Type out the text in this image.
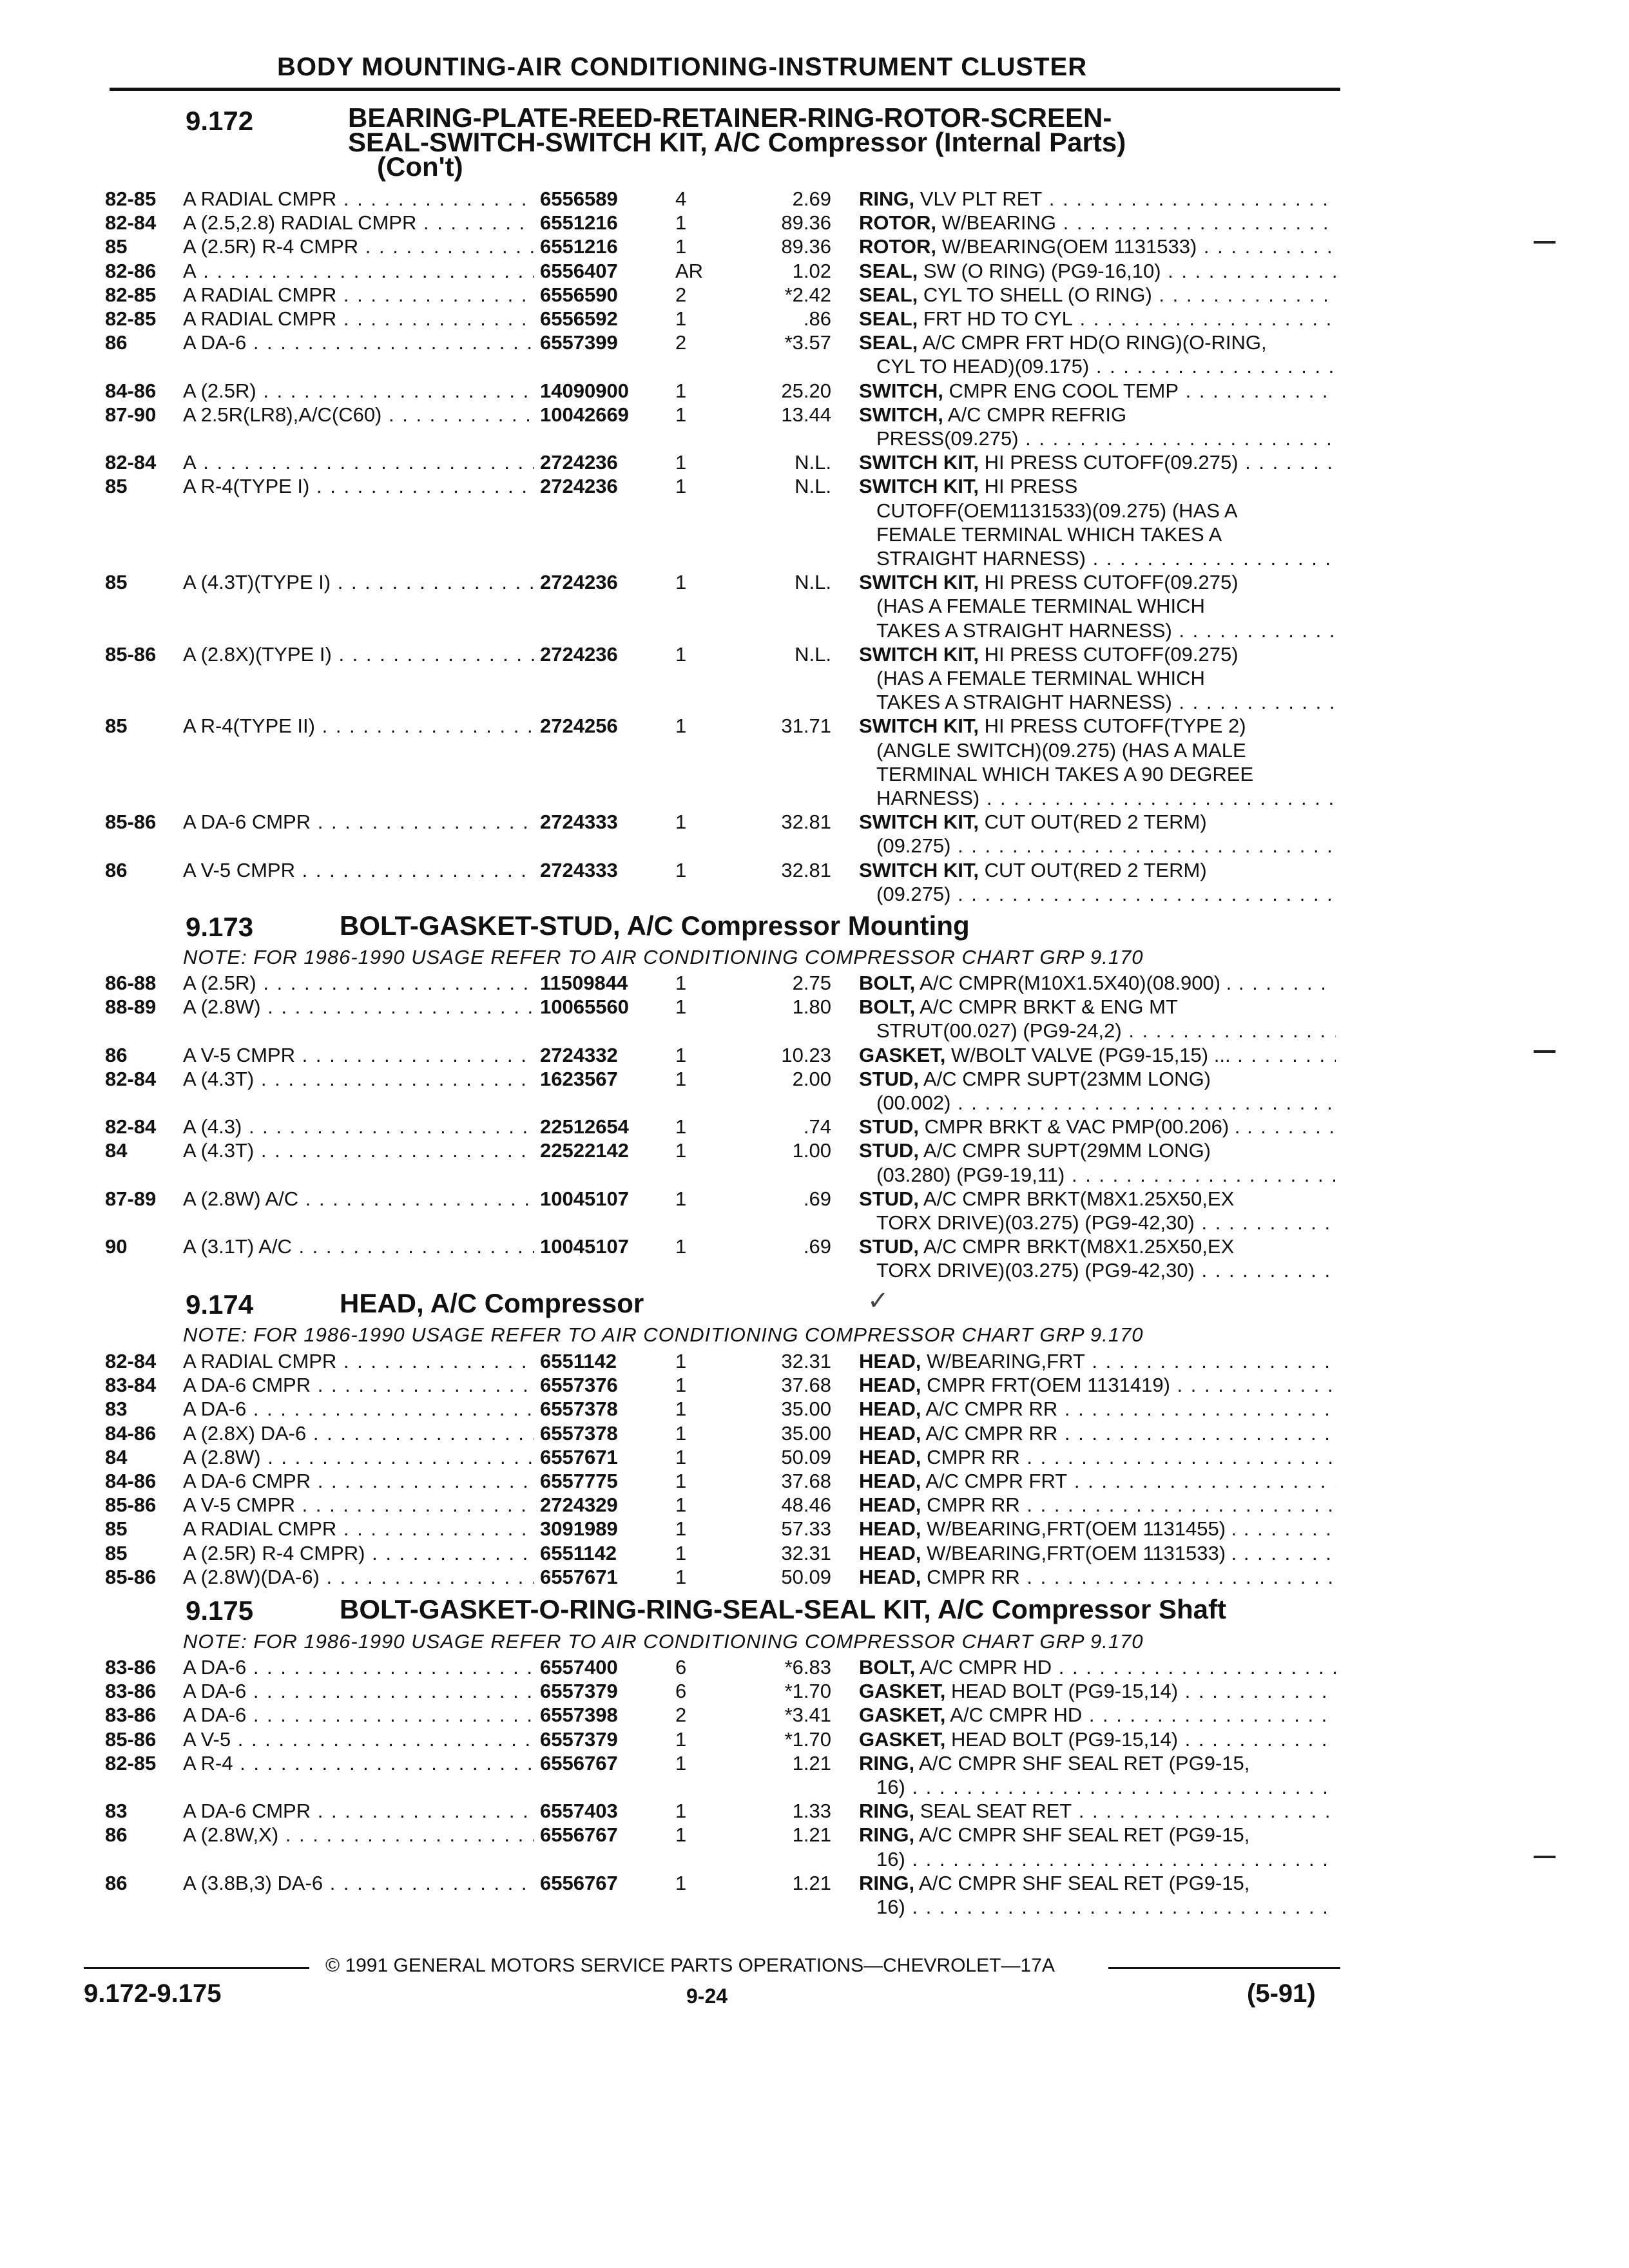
BODY MOUNTING-AIR CONDITIONING-INSTRUMENT CLUSTER
9.172	BEARING-PLATE-REED-RETAINER-RING-ROTOR-SCREEN-
SEAL-SWITCH-SWITCH KIT, A/C Compressor (Internal Parts)
(Con't)
82-85 A RADIAL CMPR . . .	6556589	4	2.69 RING, VLV PLT RET . . .
82-84 A (2.5,2.8) RADIAL CMPR . . .	6551216	1	89.36 ROTOR, W/BEARING . . .
85	A (2.5R) R-4 CMPR . . .	6551216	1	89.36 ROTOR, W/BEARING(OEM 1131533) . . .
82-86 A . . .	6556407	AR	1.02 SEAL, SW (O RING) (PG9-16,10) . . .
82-85 A RADIAL CMPR . . .	6556590	2	*2.42 SEAL, CYL TO SHELL (O RING) . . .
82-85 A RADIAL CMPR . . .	6556592	1	.86 SEAL, FRT HD TO CYL . . .
86	A DA-6 . . .	6557399	2	*3.57 SEAL, A/C CMPR FRT HD(O RING)(O-RING,
CYL TO HEAD)(09.175) . . .
84-86 A (2.5R) . . .	14090900 1	25.20 SWITCH, CMPR ENG COOL TEMP . . .
87-90 A 2.5R(LR8),A/C(C60) . . .	10042669 1	13.44 SWITCH, A/C CMPR REFRIG
PRESS(09.275) . . .
82-84 A . . .	2724236	1	N.L. SWITCH KIT, HI PRESS CUTOFF(09.275) . . .
85	A R-4(TYPE I) . . .	2724236	1	N.L. SWITCH KIT, HI PRESS
CUTOFF(OEM1131533)(09.275) (HAS A
FEMALE TERMINAL WHICH TAKES A
STRAIGHT HARNESS) . . .
85	A (4.3T)(TYPE I) . . .	2724236	1	N.L. SWITCH KIT, HI PRESS CUTOFF(09.275)
(HAS A FEMALE TERMINAL WHICH
TAKES A STRAIGHT HARNESS) . . .
85-86 A (2.8X)(TYPE I) . . .	2724236	1	N.L. SWITCH KIT, HI PRESS CUTOFF(09.275)
(HAS A FEMALE TERMINAL WHICH
TAKES A STRAIGHT HARNESS) . . .
85	A R-4(TYPE II) . . .	2724256	1	31.71 SWITCH KIT, HI PRESS CUTOFF(TYPE 2)
(ANGLE SWITCH)(09.275) (HAS A MALE
TERMINAL WHICH TAKES A 90 DEGREE
HARNESS) . . .
85-86 A DA-6 CMPR . . .	2724333	1	32.81 SWITCH KIT, CUT OUT(RED 2 TERM)
(09.275) . . .
86	A V-5 CMPR . . .	2724333	1	32.81 SWITCH KIT, CUT OUT(RED 2 TERM)
(09.275) . . .
9.173	BOLT-GASKET-STUD, A/C Compressor Mounting
NOTE: FOR 1986-1990 USAGE REFER TO AIR CONDITIONING COMPRESSOR CHART GRP 9.170
86-88 A (2.5R) . . .	11509844 1	2.75 BOLT, A/C CMPR(M10X1.5X40)(08.900) . . . .
88-89 A (2.8W) . . .	10065560 1	1.80 BOLT, A/C CMPR BRKT & ENG MT
STRUT(00.027) (PG9-24,2) . . .
86	A V-5 CMPR . . .	2724332	1	10.23 GASKET, W/BOLT VALVE (PG9-15,15) ... . . .
82-84 A (4.3T) . . .	1623567	1	2.00 STUD, A/C CMPR SUPT(23MM LONG)
(00.002) . . .
82-84 A (4.3) . . .	22512654 1	.74 STUD, CMPR BRKT & VAC PMP(00.206) . . . .
84	A (4.3T) . . .	22522142 1	1.00 STUD, A/C CMPR SUPT(29MM LONG)
(03.280) (PG9-19,11) . . .
87-89 A (2.8W) A/C . . .	10045107 1	.69 STUD, A/C CMPR BRKT(M8X1.25X50,EX
TORX DRIVE)(03.275) (PG9-42,30) . . .
90	A (3.1T) A/C . . .	10045107 1	.69 STUD, A/C CMPR BRKT(M8X1.25X50,EX
TORX DRIVE)(03.275) (PG9-42,30) . . .
9.174	HEAD, A/C Compressor
NOTE: FOR 1986-1990 USAGE REFER TO AIR CONDITIONING COMPRESSOR CHART GRP 9.170
82-84 A RADIAL CMPR . . .	6551142	1	32.31 HEAD, W/BEARING,FRT . . .
83-84 A DA-6 CMPR . . .	6557376	1	37.68 HEAD, CMPR FRT(OEM 1131419) . . .
83	A DA-6 . . .	6557378	1	35.00 HEAD, A/C CMPR RR . . .
84-86 A (2.8X) DA-6 . . .	6557378	1	35.00 HEAD, A/C CMPR RR . . .
84	A (2.8W) . . .	6557671	1	50.09 HEAD, CMPR RR . . .
84-86 A DA-6 CMPR . . .	6557775	1	37.68 HEAD, A/C CMPR FRT . . .
85-86 A V-5 CMPR . . .	2724329	1	48.46 HEAD, CMPR RR . . .
85	A RADIAL CMPR . . .	3091989	1	57.33 HEAD, W/BEARING,FRT(OEM 1131455) . . . .
85	A (2.5R) R-4 CMPR) . . .	6551142	1	32.31 HEAD, W/BEARING,FRT(OEM 1131533) . . . .
85-86 A (2.8W)(DA-6) . . .	6557671	1	50.09 HEAD, CMPR RR . . .
9.175	BOLT-GASKET-O-RING-RING-SEAL-SEAL KIT, A/C Compressor Shaft
NOTE: FOR 1986-1990 USAGE REFER TO AIR CONDITIONING COMPRESSOR CHART GRP 9.170
83-86 A DA-6 . . .	6557400	6	*6.83 BOLT, A/C CMPR HD . . .
83-86 A DA-6 . . .	6557379	6	*1.70 GASKET, HEAD BOLT (PG9-15,14) . . .
83-86 A DA-6 . . .	6557398	2	*3.41 GASKET, A/C CMPR HD . . .
85-86 A V-5 . . .	6557379	1	*1.70 GASKET, HEAD BOLT (PG9-15,14) . . .
82-85 A R-4 . . .	6556767	1	1.21 RING, A/C CMPR SHF SEAL RET (PG9-15,
16) . . .
83	A DA-6 CMPR . . .	6557403	1	1.33 RING, SEAL SEAT RET . . .
86	A (2.8W,X) . . .	6556767	1	1.21 RING, A/C CMPR SHF SEAL RET (PG9-15,
16) . . .
86	A (3.8B,3) DA-6 . . .	6556767	1	1.21 RING, A/C CMPR SHF SEAL RET (PG9-15,
16) . . .
✓
© 1991 GENERAL MOTORS SERVICE PARTS OPERATIONS—CHEVROLET—17A
9.172-9.175	9-24	(5-91)
